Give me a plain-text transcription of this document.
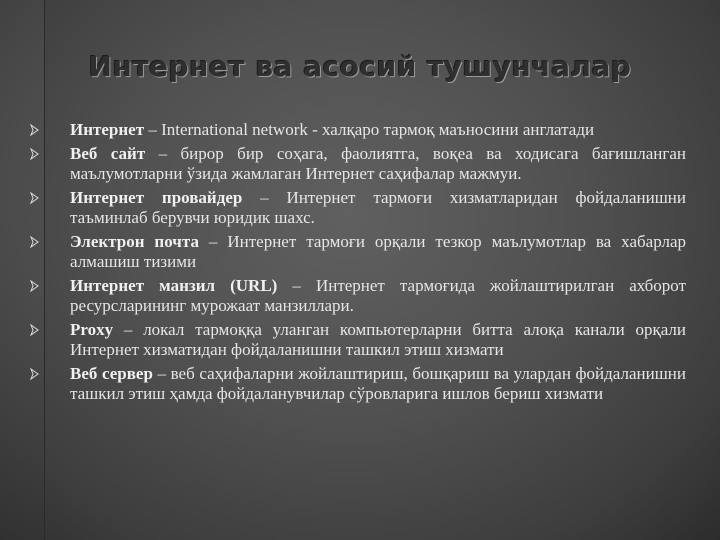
Интернет ва асосий тушунчалар
Интернет – International network - халқаро тармоқ маъносини англатади
Веб сайт – бирор бир соҳага, фаолиятга, воқеа ва ходисага бағишланган маълумотларни ўзида жамлаган Интернет саҳифалар мажмуи.
Интернет провайдер – Интернет тармоғи хизматларидан фойдаланишни таъминлаб берувчи юридик шахс.
Электрон почта – Интернет тармоғи орқали тезкор маълумотлар ва хабарлар алмашиш тизими
Интернет манзил (URL) – Интернет тармоғида жойлаштирилган ахборот ресурсларининг мурожаат манзиллари.
Proxy – локал тармоққа уланган компьютерларни битта алоқа канали орқали Интернет хизматидан фойдаланишни ташкил этиш хизмати
Веб сервер – веб саҳифаларни жойлаштириш, бошқариш ва улардан фойдаланишни ташкил этиш ҳамда фойдаланувчилар сўровларига ишлов бериш хизмати
